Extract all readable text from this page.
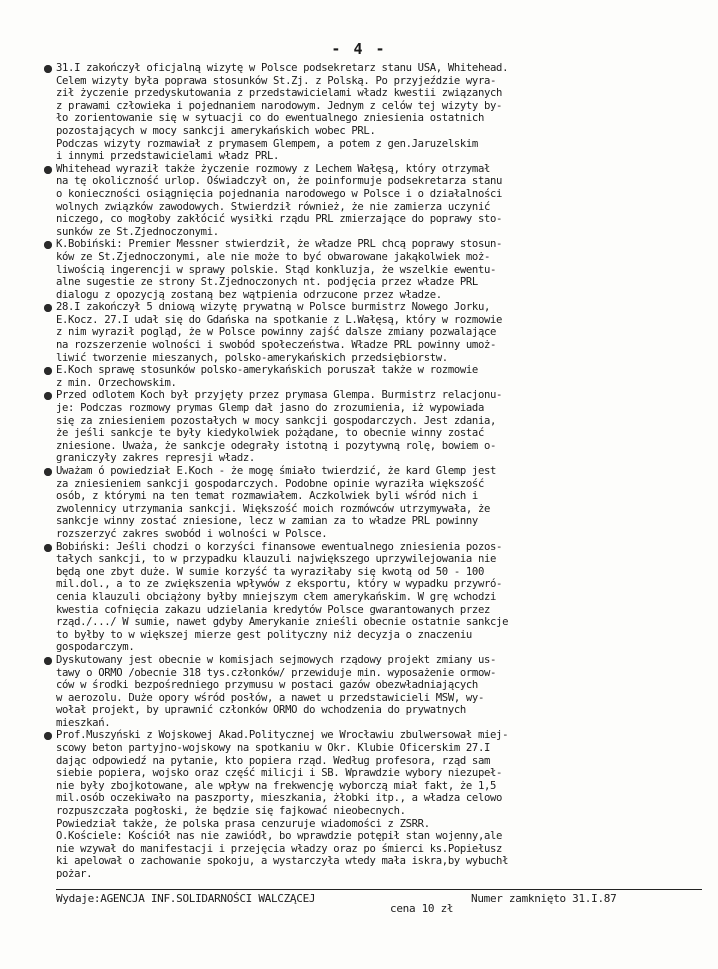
- 4 -
31.I zakończył oficjalną wizytę w Polsce podsekretarz stanu USA, Whitehead.
Celem wizyty była poprawa stosunków St.Zj. z Polską. Po przyjeździe wyra-
ził życzenie przedyskutowania z przedstawicielami władz kwestii związanych
z prawami człowieka i pojednaniem narodowym. Jednym z celów tej wizyty by-
ło zorientowanie się w sytuacji co do ewentualnego zniesienia ostatnich
pozostających w mocy sankcji amerykańskich wobec PRL.
Podczas wizyty rozmawiał z prymasem Glempem, a potem z gen.Jaruzelskim
i innymi przedstawicielami władz PRL.
Whitehead wyraził także życzenie rozmowy z Lechem Wałęsą, który otrzymał
na tę okoliczność urlop. Oświadczył on, że poinformuje podsekretarza stanu
o konieczności osiągnięcia pojednania narodowego w Polsce i o działalności
wolnych związków zawodowych. Stwierdził również, że nie zamierza uczynić
niczego, co mogłoby zakłócić wysiłki rządu PRL zmierzające do poprawy sto-
sunków ze St.Zjednoczonymi.
K.Bobiński: Premier Messner stwierdził, że władze PRL chcą poprawy stosun-
ków ze St.Zjednoczonymi, ale nie może to być obwarowane jakąkolwiek moż-
liwością ingerencji w sprawy polskie. Stąd konkluzja, że wszelkie ewentu-
alne sugestie ze strony St.Zjednoczonych nt. podjęcia przez władze PRL
dialogu z opozycją zostaną bez wątpienia odrzucone przez władze.
28.I zakończył 5 dniową wizytę prywatną w Polsce burmistrz Nowego Jorku,
E.Kocz. 27.I udał się do Gdańska na spotkanie z L.Wałęsą, który w rozmowie
z nim wyraził pogląd, że w Polsce powinny zajść dalsze zmiany pozwalające
na rozszerzenie wolności i swobód społeczeństwa. Władze PRL powinny umoż-
liwić tworzenie mieszanych, polsko-amerykańskich przedsiębiorstw.
E.Koch sprawę stosunków polsko-amerykańskich poruszał także w rozmowie
z min. Orzechowskim.
Przed odlotem Koch był przyjęty przez prymasa Glempa. Burmistrz relacjonu-
je: Podczas rozmowy prymas Glemp dał jasno do zrozumienia, iż wypowiada
się za zniesieniem pozostałych w mocy sankcji gospodarczych. Jest zdania,
że jeśli sankcje te były kiedykolwiek pożądane, to obecnie winny zostać
zniesione. Uważa, że sankcje odegrały istotną i pozytywną rolę, bowiem o-
graniczyły zakres represji władz.
Uważam ó powiedział E.Koch - że mogę śmiało twierdzić, że kard Glemp jest
za zniesieniem sankcji gospodarczych. Podobne opinie wyraziła większość
osób, z którymi na ten temat rozmawiałem. Aczkolwiek byli wśród nich i
zwolennicy utrzymania sankcji. Większość moich rozmówców utrzymywała, że
sankcje winny zostać zniesione, lecz w zamian za to władze PRL powinny
rozszerzyć zakres swobód i wolności w Polsce.
Bobiński: Jeśli chodzi o korzyści finansowe ewentualnego zniesienia pozos-
tałych sankcji, to w przypadku klauzuli największego uprzywilejowania nie
będą one zbyt duże. W sumie korzyść ta wyraziłaby się kwotą od 50 - 100
mil.dol., a to ze zwiększenia wpływów z eksportu, który w wypadku przywró-
cenia klauzuli obciążony byłby mniejszym cłem amerykańskim. W grę wchodzi
kwestia cofnięcia zakazu udzielania kredytów Polsce gwarantowanych przez
rząd./.../ W sumie, nawet gdyby Amerykanie znieśli obecnie ostatnie sankcje
to byłby to w większej mierze gest polityczny niż decyzja o znaczeniu
gospodarczym.
Dyskutowany jest obecnie w komisjach sejmowych rządowy projekt zmiany us-
tawy o ORMO /obecnie 318 tys.członków/ przewiduje min. wyposażenie ormow-
ców w środki bezpośredniego przymusu w postaci gazów obezwładniających
w aerozolu. Duże opory wśród posłów, a nawet u przedstawicieli MSW, wy-
wołał projekt, by uprawnić członków ORMO do wchodzenia do prywatnych
mieszkań.
Prof.Muszyński z Wojskowej Akad.Politycznej we Wrocławiu zbulwersował miej-
scowy beton partyjno-wojskowy na spotkaniu w Okr. Klubie Oficerskim 27.I
dając odpowiedź na pytanie, kto popiera rząd. Według profesora, rząd sam
siebie popiera, wojsko oraz część milicji i SB. Wprawdzie wybory niezupeł-
nie były zbojkotowane, ale wpływ na frekwencję wyborczą miał fakt, że 1,5
mil.osób oczekiwało na paszporty, mieszkania, żłobki itp., a władza celowo
rozpuszczała pogłoski, że będzie się fajkować nieobecnych.
Powiedział także, że polska prasa cenzuruje wiadomości z ZSRR.
O.Kościele: Kościół nas nie zawiódł, bo wprawdzie potępił stan wojenny,ale
nie wzywał do manifestacji i przejęcia władzy oraz po śmierci ks.Popiełusz
ki apelował o zachowanie spokoju, a wystarczyła wtedy mała iskra,by wybuchł
pożar.
Wydaje:AGENCJA INF.SOLIDARNOŚCI WALCZĄCEJ	Numer zamknięto 31.I.87
cena 10 zł
